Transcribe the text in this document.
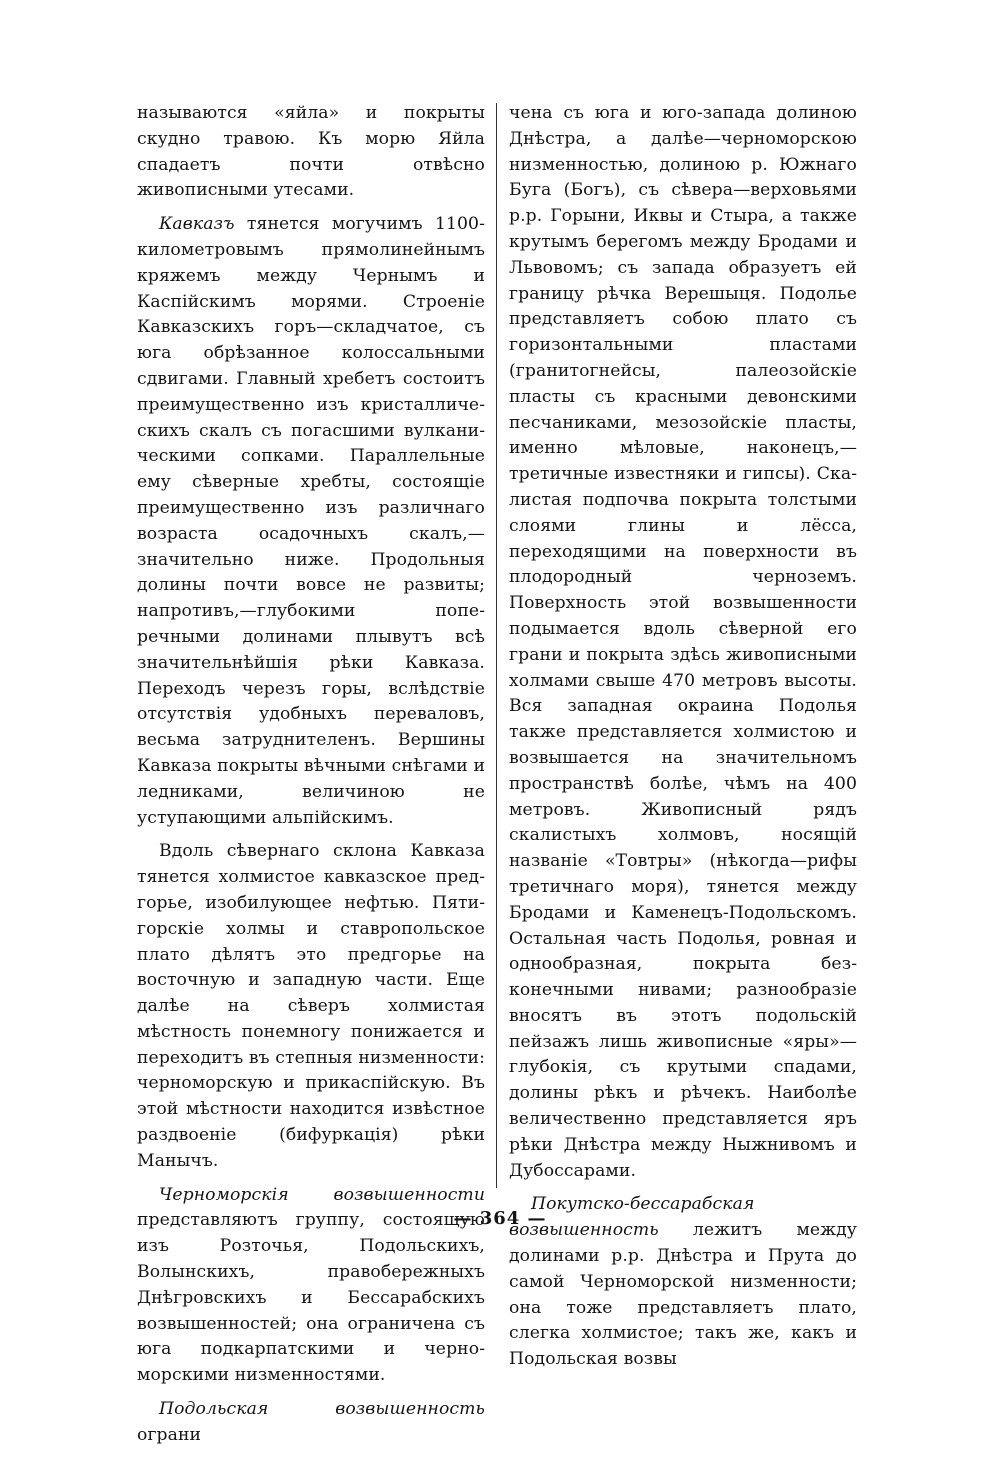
называются «яйла» и покрыты скудно травою. Къ морю Яйла спадаетъ почти отвѣсно живописными утесами.

Кавказъ тянется могучимъ 1100-километровымъ прямолинейнымъ кряжемъ между Чернымъ и Каспійскимъ морями. Строеніе Кавказскихъ горъ—складчатое, съ юга обрѣзанное колоссальными сдвигами. Главный хребетъ состоитъ преимущественно изъ кристаллическихъ скалъ съ погасшими вулканическими сопками. Параллельные ему сѣверные хребты, состоящіе преимущественно изъ различнаго возраста осадочныхъ скалъ,—значительно ниже. Продольныя долины почти вовсе не развиты; напротивъ,—глубокими поперечными долинами плывутъ всѣ значительнѣйшія рѣки Кавказа. Переходъ черезъ горы, вслѣдствіе отсутствія удобныхъ переваловъ, весьма затруднителенъ. Вершины Кавказа покрыты вѣчными снѣгами и ледниками, величиною не уступающими альпійскимъ.

Вдоль сѣвернаго склона Кавказа тянется холмистое кавказское предгорье, изобилующее нефтью. Пятигорскіе холмы и ставропольское плато дѣлятъ это предгорье на восточную и западную части. Еще далѣе на сѣверъ холмистая мѣстность понемногу понижается и переходитъ въ степныя низменности: черноморскую и прикаспійскую. Въ этой мѣстности находится извѣстное раздвоеніе (бифуркація) рѣки Манычъ.

Черноморскія возвышенности представляютъ группу, состоящую изъ Розточья, Подольскихъ, Волынскихъ, правобережныхъ Днѣгровскихъ и Бессарабскихъ возвышенностей; она ограничена съ юга подкарпатскими и черноморскими низменностями.

Подольская возвышенность ограни

чена съ юга и юго-запада долиною Днѣстра, а далѣе—черноморскою низменностью, долиною р. Южнаго Буга (Богъ), съ сѣвера—верховьями р.р. Горыни, Иквы и Стыра, а также крутымъ берегомъ между Бродами и Львовомъ; съ запада образуетъ ей границу рѣчка Верешыця. Подолье представляетъ собою плато съ горизонтальными пластами (гранитогнейсы, палеозойскіе пласты съ красными девонскими песчаниками, мезозойскіе пласты, именно мѣловые, наконецъ,—третичные известняки и гипсы). Скалистая подпочва покрыта толстыми слоями глины и лёсса, переходящими на поверхности въ плодородный черноземъ. Поверхность этой возвышенности подымается вдоль сѣверной его грани и покрыта здѣсь живописными холмами свыше 470 метровъ высоты. Вся западная окраина Подолья также представляется холмистою и возвышается на значительномъ пространствѣ болѣе, чѣмъ на 400 метровъ. Живописный рядъ скалистыхъ холмовъ, носящій названіе «Товтры» (нѣкогда—рифы третичнаго моря), тянется между Бродами и Каменецъ-Подольскомъ. Остальная часть Подолья, ровная и однообразная, покрыта безконечными нивами; разнообразіе вносятъ въ этотъ подольскій пейзажъ лишь живописные «яры»—глубокія, съ крутыми спадами, долины рѣкъ и рѣчекъ. Наиболѣе величественно представляется яръ рѣки Днѣстра между Ныжнивомъ и Дубоссарами.

Покутско-бессарабская возвышенность лежитъ между долинами р.р. Днѣстра и Прута до самой Черноморской низменности; она тоже представляетъ плато, слегка холмистое; такъ же, какъ и Подольская возвы

— 364 —
